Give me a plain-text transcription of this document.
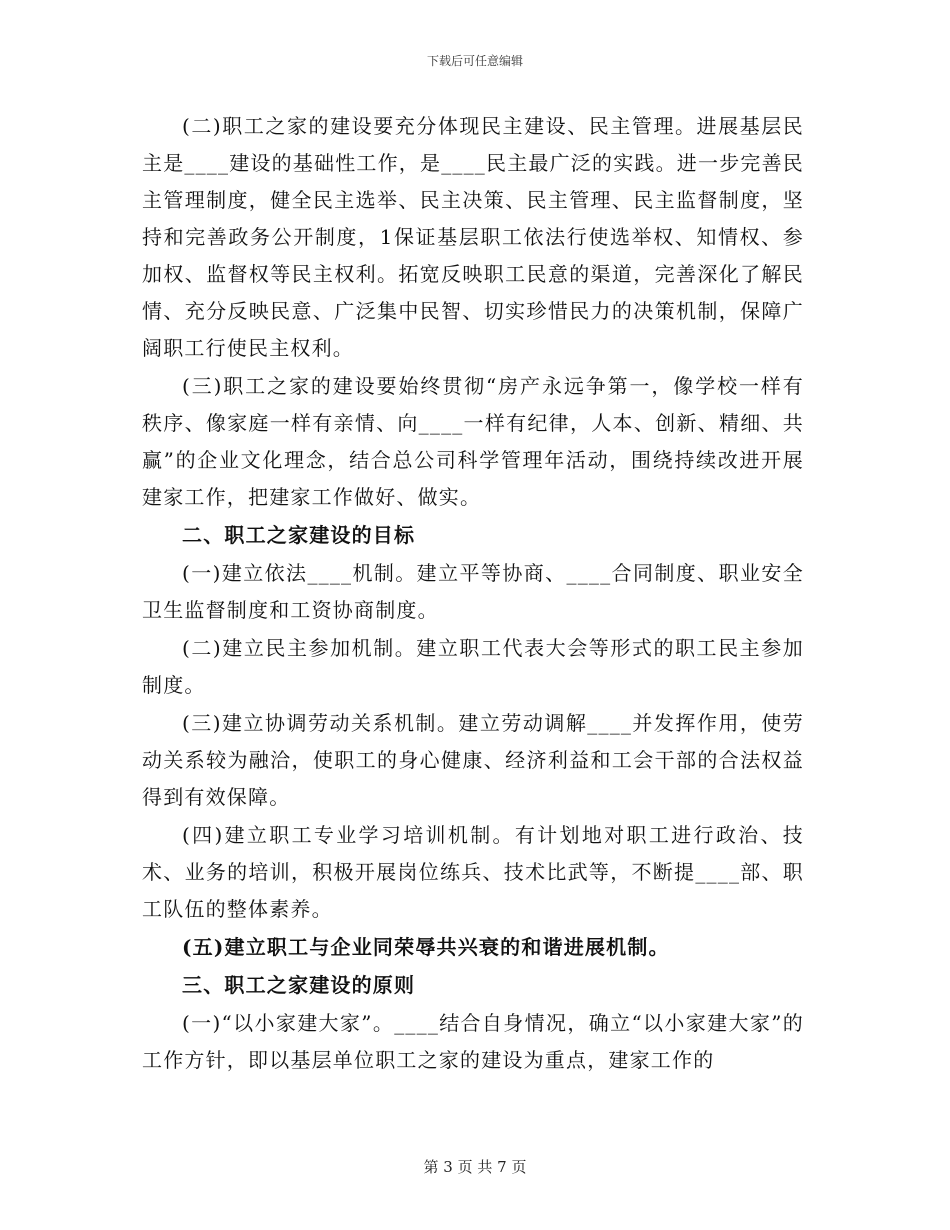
下载后可任意编辑

(二)职工之家的建设要充分体现民主建设、民主管理。进展基层民主是____建设的基础性工作，是____民主最广泛的实践。进一步完善民主管理制度，健全民主选举、民主决策、民主管理、民主监督制度，坚持和完善政务公开制度，1保证基层职工依法行使选举权、知情权、参加权、监督权等民主权利。拓宽反映职工民意的渠道，完善深化了解民情、充分反映民意、广泛集中民智、切实珍惜民力的决策机制，保障广阔职工行使民主权利。

(三)职工之家的建设要始终贯彻“房产永远争第一，像学校一样有秩序、像家庭一样有亲情、向____一样有纪律，人本、创新、精细、共赢”的企业文化理念，结合总公司科学管理年活动，围绕持续改进开展建家工作，把建家工作做好、做实。

二、职工之家建设的目标

(一)建立依法____机制。建立平等协商、____合同制度、职业安全卫生监督制度和工资协商制度。

(二)建立民主参加机制。建立职工代表大会等形式的职工民主参加制度。

(三)建立协调劳动关系机制。建立劳动调解____并发挥作用，使劳动关系较为融洽，使职工的身心健康、经济利益和工会干部的合法权益得到有效保障。

(四)建立职工专业学习培训机制。有计划地对职工进行政治、技术、业务的培训，积极开展岗位练兵、技术比武等，不断提____部、职工队伍的整体素养。

(五)建立职工与企业同荣辱共兴衰的和谐进展机制。

三、职工之家建设的原则

(一)“以小家建大家”。____结合自身情况，确立“以小家建大家”的工作方针，即以基层单位职工之家的建设为重点，建家工作的

第 3 页 共 7 页
